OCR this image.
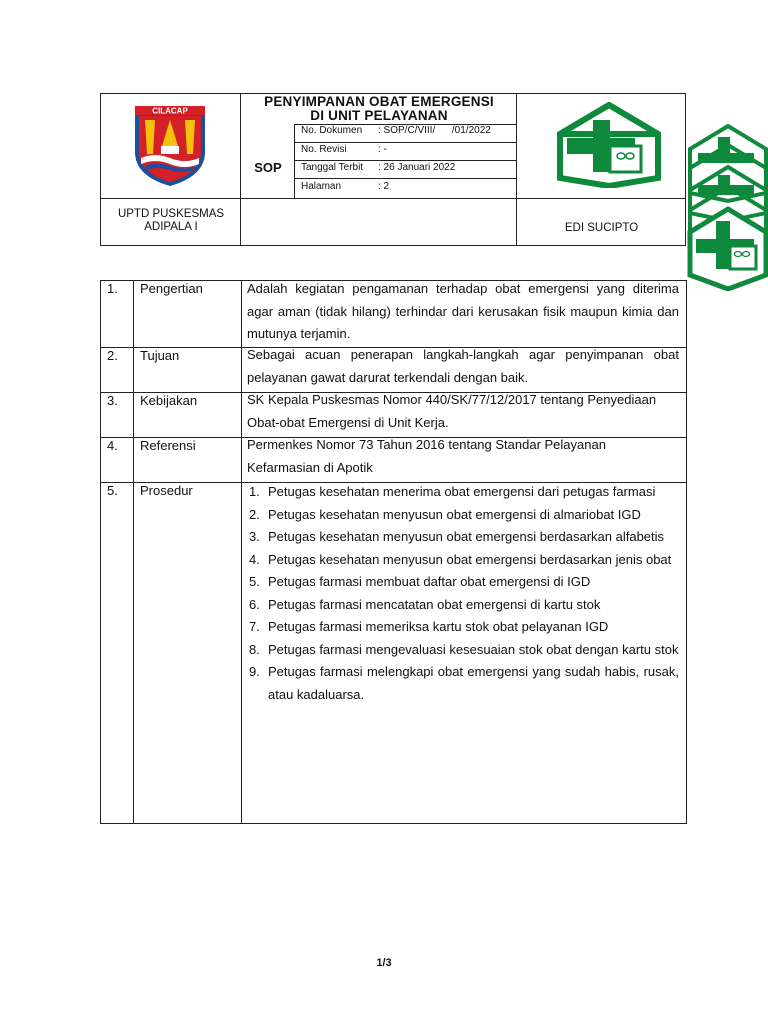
CILACAP
PENYIMPANAN OBAT EMERGENSI
DI UNIT PELAYANAN
SOP
No. Dokumen : SOP/C/VIII/      /01/2022
No. Revisi	: -
Tanggal Terbit : 26 Januari 2022
Halaman	: 2
UPTD PUSKESMAS
ADIPALA I	EDI SUCIPTO
1. Pengertian	Adalah kegiatan pengamanan terhadap obat emergensi yang diterima agar aman (tidak hilang) terhindar dari kerusakan fisik maupun kimia dan mutunya terjamin.
2. Tujuan	Sebagai acuan penerapan langkah-langkah agar penyimpanan obat pelayanan gawat darurat terkendali dengan baik.
3. Kebijakan	SK Kepala Puskesmas Nomor 440/SK/77/12/2017 tentang Penyediaan Obat-obat Emergensi di Unit Kerja.
4. Referensi	Permenkes Nomor 73 Tahun 2016 tentang Standar Pelayanan Kefarmasian di Apotik
5. Prosedur	1. Petugas kesehatan menerima obat emergensi dari petugas farmasi
2. Petugas kesehatan menyusun obat emergensi di almariobat IGD
3. Petugas kesehatan menyusun obat emergensi berdasarkan alfabetis
4. Petugas kesehatan menyusun obat emergensi berdasarkan jenis obat
5. Petugas farmasi membuat daftar obat emergensi di IGD
6. Petugas farmasi mencatatan obat emergensi di kartu stok
7. Petugas farmasi memeriksa kartu stok obat pelayanan IGD
8. Petugas farmasi mengevaluasi kesesuaian stok obat dengan kartu stok
9. Petugas farmasi melengkapi obat emergensi yang sudah habis, rusak, atau kadaluarsa.
1/3
